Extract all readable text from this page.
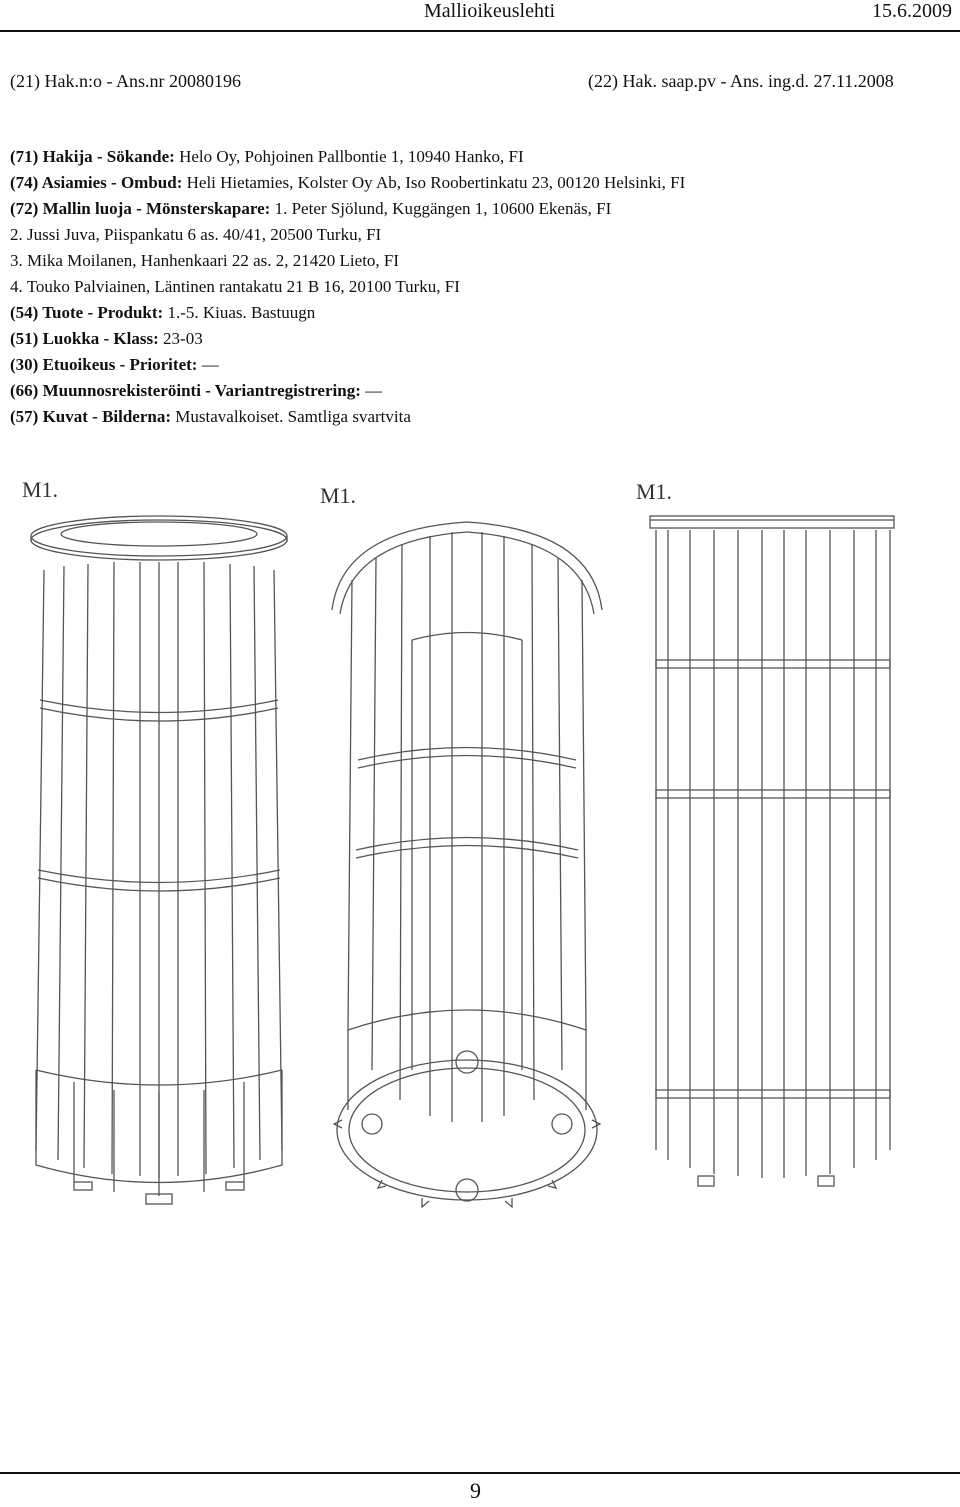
Mallioikeuslehti	15.6.2009
(21) Hak.n:o - Ans.nr 20080196	(22) Hak. saap.pv - Ans. ing.d. 27.11.2008
(71) Hakija - Sökande: Helo Oy, Pohjoinen Pallbontie 1, 10940 Hanko, FI
(74) Asiamies - Ombud: Heli Hietamies, Kolster Oy Ab, Iso Roobertinkatu 23, 00120 Helsinki, FI
(72) Mallin luoja - Mönsterskapare: 1. Peter Sjölund, Kuggängen 1, 10600 Ekenäs, FI
2. Jussi Juva, Piispankatu 6 as. 40/41, 20500 Turku, FI
3. Mika Moilanen, Hanhenkaari 22 as. 2, 21420 Lieto, FI
4. Touko Palviainen, Läntinen rantakatu 21 B 16, 20100 Turku, FI
(54) Tuote - Produkt: 1.-5. Kiuas. Bastuugn
(51) Luokka - Klass: 23-03
(30) Etuoikeus - Prioritet: —
(66) Muunnosrekisteröinti - Variantregistrering: —
(57) Kuvat - Bilderna: Mustavalkoiset. Samtliga svartvita
M1.	M1.	M1.
9
